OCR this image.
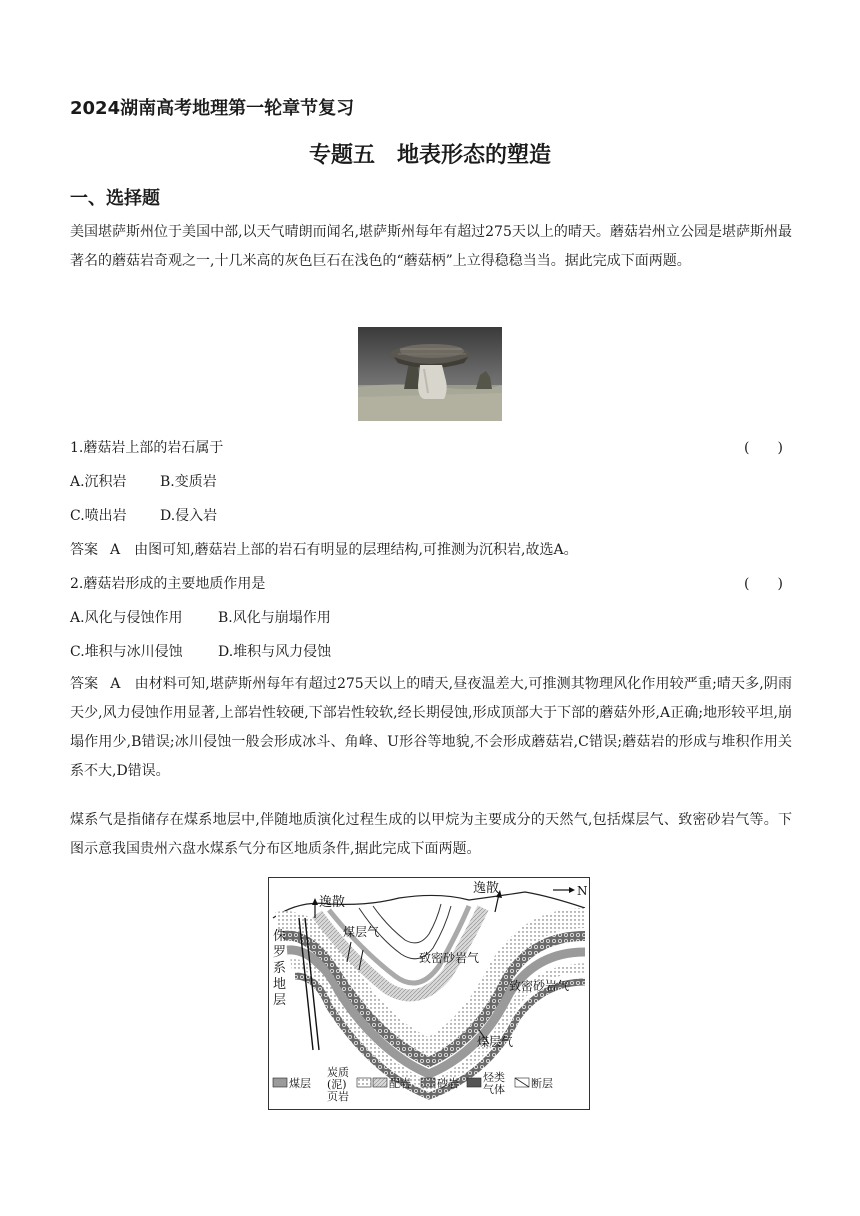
2024湖南高考地理第一轮章节复习
专题五　地表形态的塑造
一、选择题
美国堪萨斯州位于美国中部,以天气晴朗而闻名,堪萨斯州每年有超过275天以上的晴天。蘑菇岩州立公园是堪萨斯州最著名的蘑菇岩奇观之一,十几米高的灰色巨石在浅色的“蘑菇柄”上立得稳稳当当。据此完成下面两题。
1.蘑菇岩上部的岩石属于	(　　)
A.沉积岩 B.变质岩
C.喷出岩 D.侵入岩
答案 A　由图可知,蘑菇岩上部的岩石有明显的层理结构,可推测为沉积岩,故选A。
2.蘑菇岩形成的主要地质作用是	(　　)
A.风化与侵蚀作用	B.风化与崩塌作用
C.堆积与冰川侵蚀	D.堆积与风力侵蚀
答案 A　由材料可知,堪萨斯州每年有超过275天以上的晴天,昼夜温差大,可推测其物理风化作用较严重;晴天多,阴雨天少,风力侵蚀作用显著,上部岩性较硬,下部岩性较软,经长期侵蚀,形成顶部大于下部的蘑菇外形,A正确;地形较平坦,崩塌作用少,B错误;冰川侵蚀一般会形成冰斗、角峰、U形谷等地貌,不会形成蘑菇岩,C错误;蘑菇岩的形成与堆积作用关系不大,D错误。
煤系气是指储存在煤系地层中,伴随地质演化过程生成的以甲烷为主要成分的天然气,包括煤层气、致密砂岩气等。下图示意我国贵州六盘水煤系气分布区地质条件,据此完成下面两题。
N
逸散
逸散
煤层气
致密砂岩气
致密砂岩气
煤层气
侏
罗
系
地
层
煤层
炭质
(泥)
页岩
配岩 砂岩 烃类
气体 断层
